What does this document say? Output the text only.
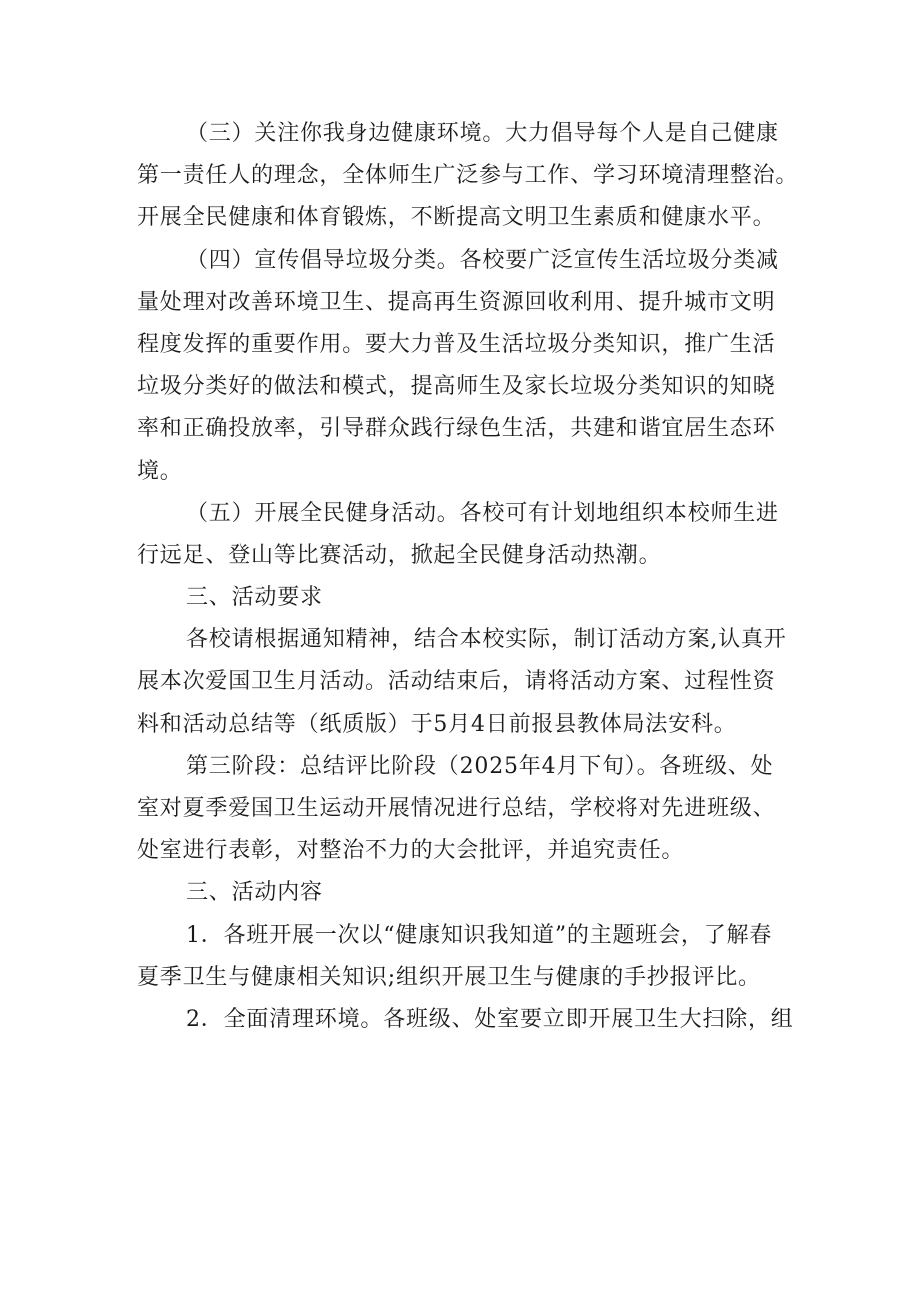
（三）关注你我身边健康环境。大力倡导每个人是自己健康
第一责任人的理念，全体师生广泛参与工作、学习环境清理整治。
开展全民健康和体育锻炼，不断提高文明卫生素质和健康水平。
（四）宣传倡导垃圾分类。各校要广泛宣传生活垃圾分类减
量处理对改善环境卫生、提高再生资源回收利用、提升城市文明
程度发挥的重要作用。要大力普及生活垃圾分类知识，推广生活
垃圾分类好的做法和模式，提高师生及家长垃圾分类知识的知晓
率和正确投放率，引导群众践行绿色生活，共建和谐宜居生态环
境。
（五）开展全民健身活动。各校可有计划地组织本校师生进
行远足、登山等比赛活动，掀起全民健身活动热潮。
三、活动要求
各校请根据通知精神，结合本校实际，制订活动方案,认真开
展本次爱国卫生月活动。活动结束后，请将活动方案、过程性资
料和活动总结等（纸质版）于5月4日前报县教体局法安科。
第三阶段：总结评比阶段（2025年4月下旬）。各班级、处
室对夏季爱国卫生运动开展情况进行总结，学校将对先进班级、
处室进行表彰，对整治不力的大会批评，并追究责任。
三、活动内容
1．各班开展一次以“健康知识我知道”的主题班会，了解春
夏季卫生与健康相关知识;组织开展卫生与健康的手抄报评比。
2．全面清理环境。各班级、处室要立即开展卫生大扫除，组
